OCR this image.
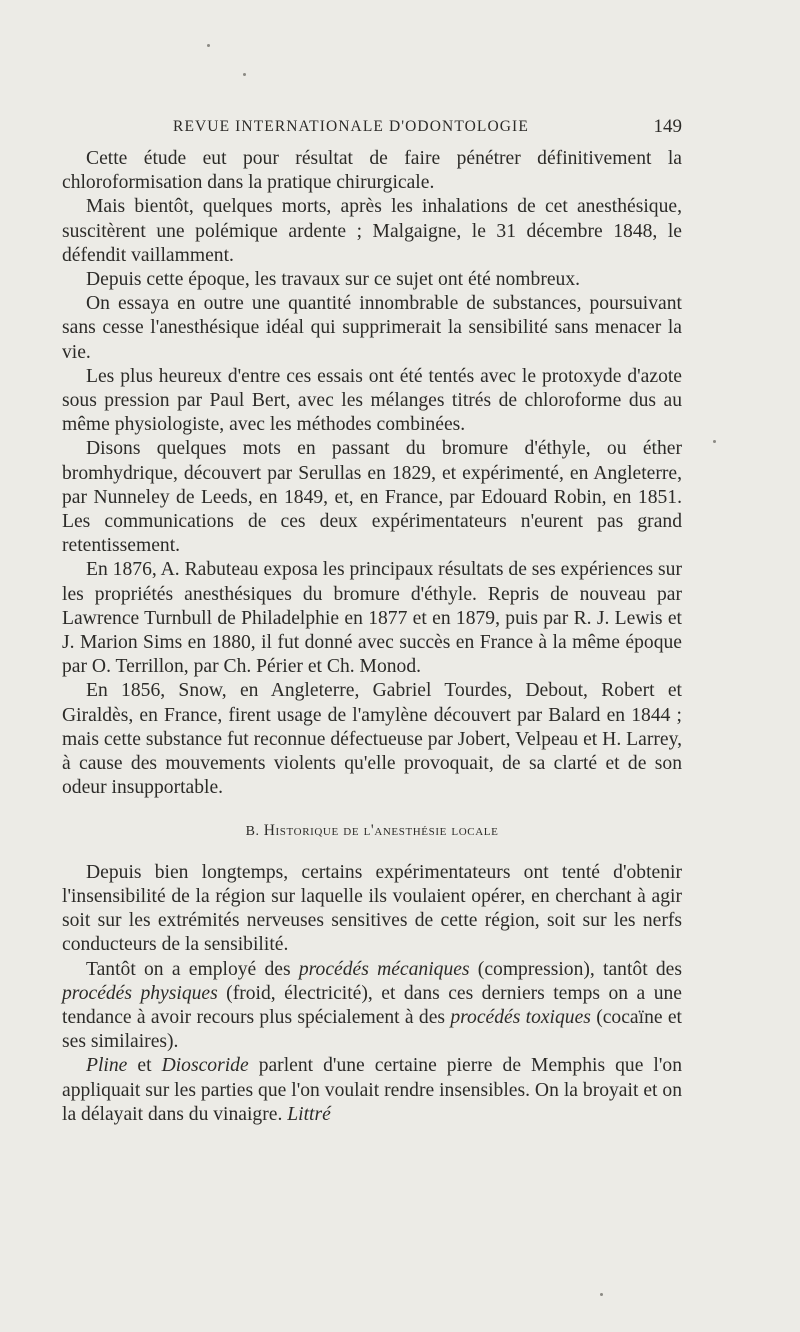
REVUE INTERNATIONALE D'ODONTOLOGIE	149

Cette étude eut pour résultat de faire pénétrer définitivement la chloroformisation dans la pratique chirurgicale.

Mais bientôt, quelques morts, après les inhalations de cet anesthésique, suscitèrent une polémique ardente ; Malgaigne, le 31 décembre 1848, le défendit vaillamment.

Depuis cette époque, les travaux sur ce sujet ont été nombreux.

On essaya en outre une quantité innombrable de substances, poursuivant sans cesse l'anesthésique idéal qui supprimerait la sensibilité sans menacer la vie.

Les plus heureux d'entre ces essais ont été tentés avec le protoxyde d'azote sous pression par Paul Bert, avec les mélanges titrés de chloroforme dus au même physiologiste, avec les méthodes combinées.

Disons quelques mots en passant du bromure d'éthyle, ou éther bromhydrique, découvert par Serullas en 1829, et expérimenté, en Angleterre, par Nunneley de Leeds, en 1849, et, en France, par Edouard Robin, en 1851. Les communications de ces deux expérimentateurs n'eurent pas grand retentissement.

En 1876, A. Rabuteau exposa les principaux résultats de ses expériences sur les propriétés anesthésiques du bromure d'éthyle. Repris de nouveau par Lawrence Turnbull de Philadelphie en 1877 et en 1879, puis par R. J. Lewis et J. Marion Sims en 1880, il fut donné avec succès en France à la même époque par O. Terrillon, par Ch. Périer et Ch. Monod.

En 1856, Snow, en Angleterre, Gabriel Tourdes, Debout, Robert et Giraldès, en France, firent usage de l'amylène découvert par Balard en 1844 ; mais cette substance fut reconnue défectueuse par Jobert, Velpeau et H. Larrey, à cause des mouvements violents qu'elle provoquait, de sa clarté et de son odeur insupportable.

B. Historique de l'anesthésie locale

Depuis bien longtemps, certains expérimentateurs ont tenté d'obtenir l'insensibilité de la région sur laquelle ils voulaient opérer, en cherchant à agir soit sur les extrémités nerveuses sensitives de cette région, soit sur les nerfs conducteurs de la sensibilité.

Tantôt on a employé des procédés mécaniques (compression), tantôt des procédés physiques (froid, électricité), et dans ces derniers temps on a une tendance à avoir recours plus spécialement à des procédés toxiques (cocaïne et ses similaires).

Pline et Dioscoride parlent d'une certaine pierre de Memphis que l'on appliquait sur les parties que l'on voulait rendre insensibles. On la broyait et on la délayait dans du vinaigre. Littré
